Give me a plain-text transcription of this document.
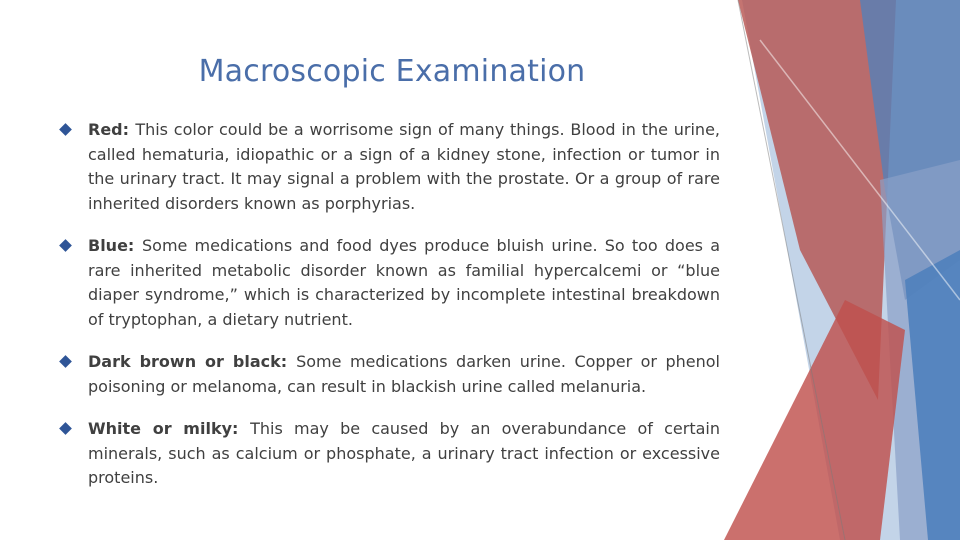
Macroscopic Examination
Red: This color could be a worrisome sign of many things. Blood in the urine, called hematuria, idiopathic or a sign of a kidney stone, infection or tumor in the urinary tract. It may signal a problem with the prostate. Or a group of rare inherited disorders known as porphyrias.
Blue: Some medications and food dyes produce bluish urine. So too does a rare inherited metabolic disorder known as familial hypercalcemi or “blue diaper syndrome,” which is characterized by incomplete intestinal breakdown of tryptophan, a dietary nutrient.
Dark brown or black: Some medications darken urine. Copper or phenol poisoning or melanoma, can result in blackish urine called melanuria.
White or milky: This may be caused by an overabundance of certain minerals, such as calcium or phosphate, a urinary tract infection or excessive proteins.
